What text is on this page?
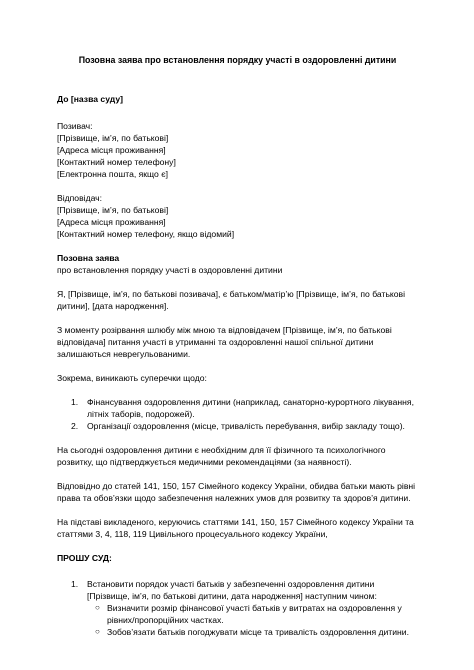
Позовна заява про встановлення порядку участі в оздоровленні дитини
До [назва суду]
Позивач:
[Прізвище, ім’я, по батькові]
[Адреса місця проживання]
[Контактний номер телефону]
[Електронна пошта, якщо є]
Відповідач:
[Прізвище, ім’я, по батькові]
[Адреса місця проживання]
[Контактний номер телефону, якщо відомий]
Позовна заява
про встановлення порядку участі в оздоровленні дитини

Я, [Прізвище, ім’я, по батькові позивача], є батьком/матір’ю [Прізвище, ім’я, по батькові дитини], [дата народження].

З моменту розірвання шлюбу між мною та відповідачем [Прізвище, ім’я, по батькові відповідача] питання участі в утриманні та оздоровленні нашої спільної дитини залишаються неврегульованими.

Зокрема, виникають суперечки щодо:

1. Фінансування оздоровлення дитини (наприклад, санаторно-курортного лікування, літніх таборів, подорожей).
2. Організації оздоровлення (місце, тривалість перебування, вибір закладу тощо).

На сьогодні оздоровлення дитини є необхідним для її фізичного та психологічного розвитку, що підтверджується медичними рекомендаціями (за наявності).

Відповідно до статей 141, 150, 157 Сімейного кодексу України, обидва батьки мають рівні права та обов’язки щодо забезпечення належних умов для розвитку та здоров’я дитини.

На підставі викладеного, керуючись статтями 141, 150, 157 Сімейного кодексу України та статтями 3, 4, 118, 119 Цивільного процесуального кодексу України,

ПРОШУ СУД:
1. Встановити порядок участі батьків у забезпеченні оздоровлення дитини [Прізвище, ім’я, по батькові дитини, дата народження] наступним чином:
○ Визначити розмір фінансової участі батьків у витратах на оздоровлення у рівних/пропорційних частках.
○ Зобов’язати батьків погоджувати місце та тривалість оздоровлення дитини.
